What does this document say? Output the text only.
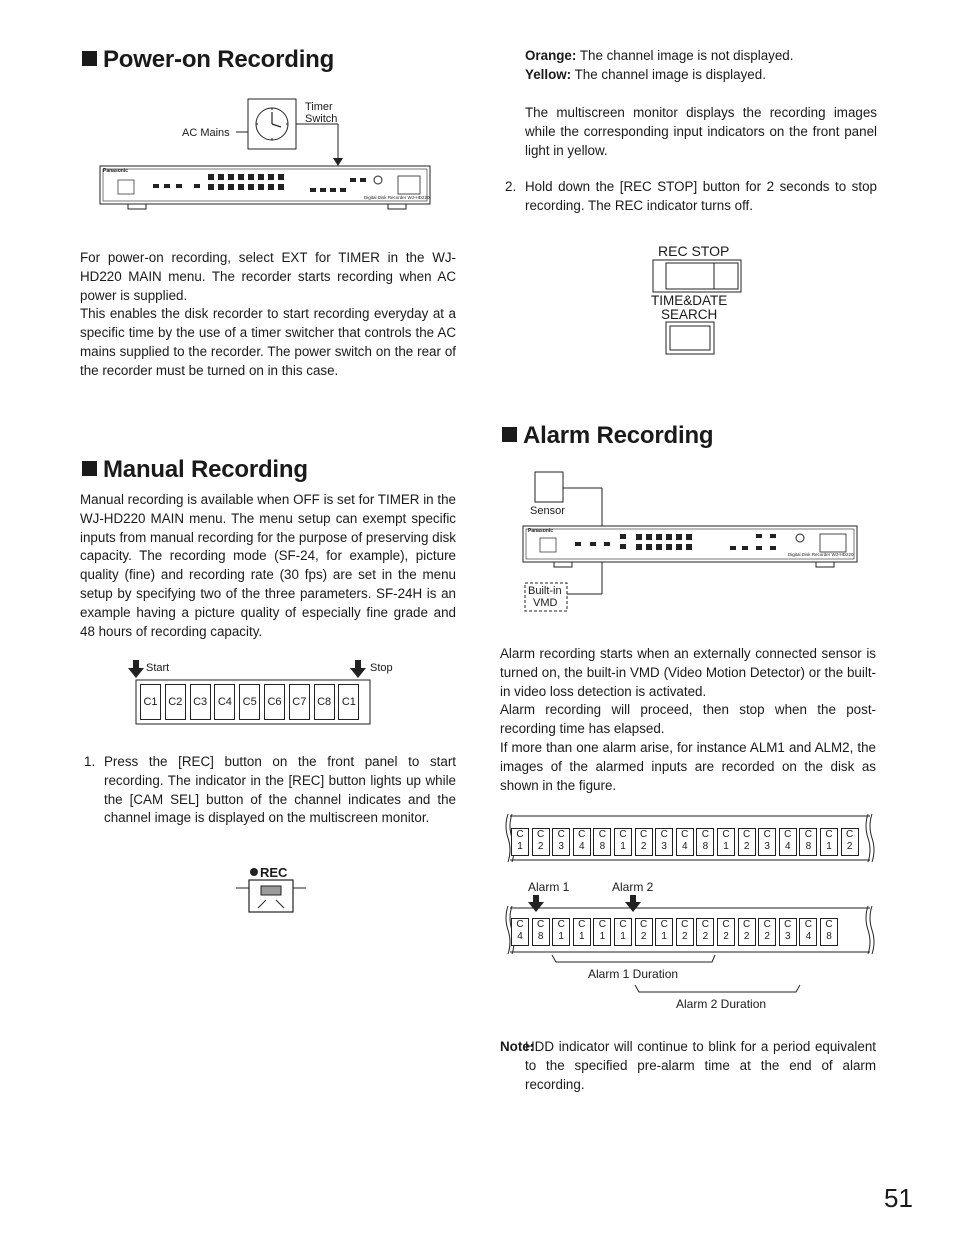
Power-on Recording
Panasonic
Digital Disk Recorder WJ-HD220
AC Mains
Timer
Switch

For power-on recording, select EXT for TIMER in the WJ-HD220 MAIN menu. The recorder starts recording when AC power is supplied.
This enables the disk recorder to start recording everyday at a specific time by the use of a timer switcher that controls the AC mains supplied to the recorder. The power switch on the rear of the recorder must be turned on in this case.

Manual Recording

Manual recording is available when OFF is set for TIMER in the WJ-HD220 MAIN menu. The menu setup can exempt specific inputs from manual recording for the purpose of preserving disk capacity. The recording mode (SF-24, for example), picture quality (fine) and recording rate (30 fps) are set in the menu setup by specifying two of the three parameters. SF-24H is an example having a picture quality of especially fine grade and 48 hours of recording capacity.

Start	Stop
C1 C2 C3 C4 C5 C6 C7 C8 C1
1. Press the [REC] button on the front panel to start recording. The indicator in the [REC] button lights up while the [CAM SEL] button of the channel indicates and the channel image is displayed on the multiscreen monitor.
REC

Orange: The channel image is not displayed.

Yellow: The channel image is displayed.

The multiscreen monitor displays the recording images while the corresponding input indicators on the front panel light in yellow.

2. Hold down the [REC STOP] button for 2 seconds to stop recording. The REC indicator turns off.
REC STOP
TIME&DATE
SEARCH
Alarm Recording
Panasonic
Digital Disk Recorder WJ-HD220
Sensor
Built-in
VMD

Alarm recording starts when an externally connected sensor is turned on, the built-in VMD (Video Motion Detector) or the built-in video loss detection is activated.
Alarm recording will proceed, then stop when the post-recording time has elapsed.
If more than one alarm arise, for instance ALM1 and ALM2, the images of the alarmed inputs are recorded on the disk as shown in the figure.

C
1
C
2
C
3
C
4
C
8
C
1
C
2
C
3
C
4
C
8
C
1
C
2
C
3
C
4
C
8
C
1
C
2
C
4
C
8
C
1
C
1
C
1
C
1
C
2
C
1
C
2
C
2
C
2
C
2
C
2
C
3
C
4
C
8
Alarm 1	Alarm 2
Alarm 1 Duration
Alarm 2 Duration
Note:
HDD indicator will continue to blink for a period equivalent to the specified pre-alarm time at the end of alarm recording.
51
